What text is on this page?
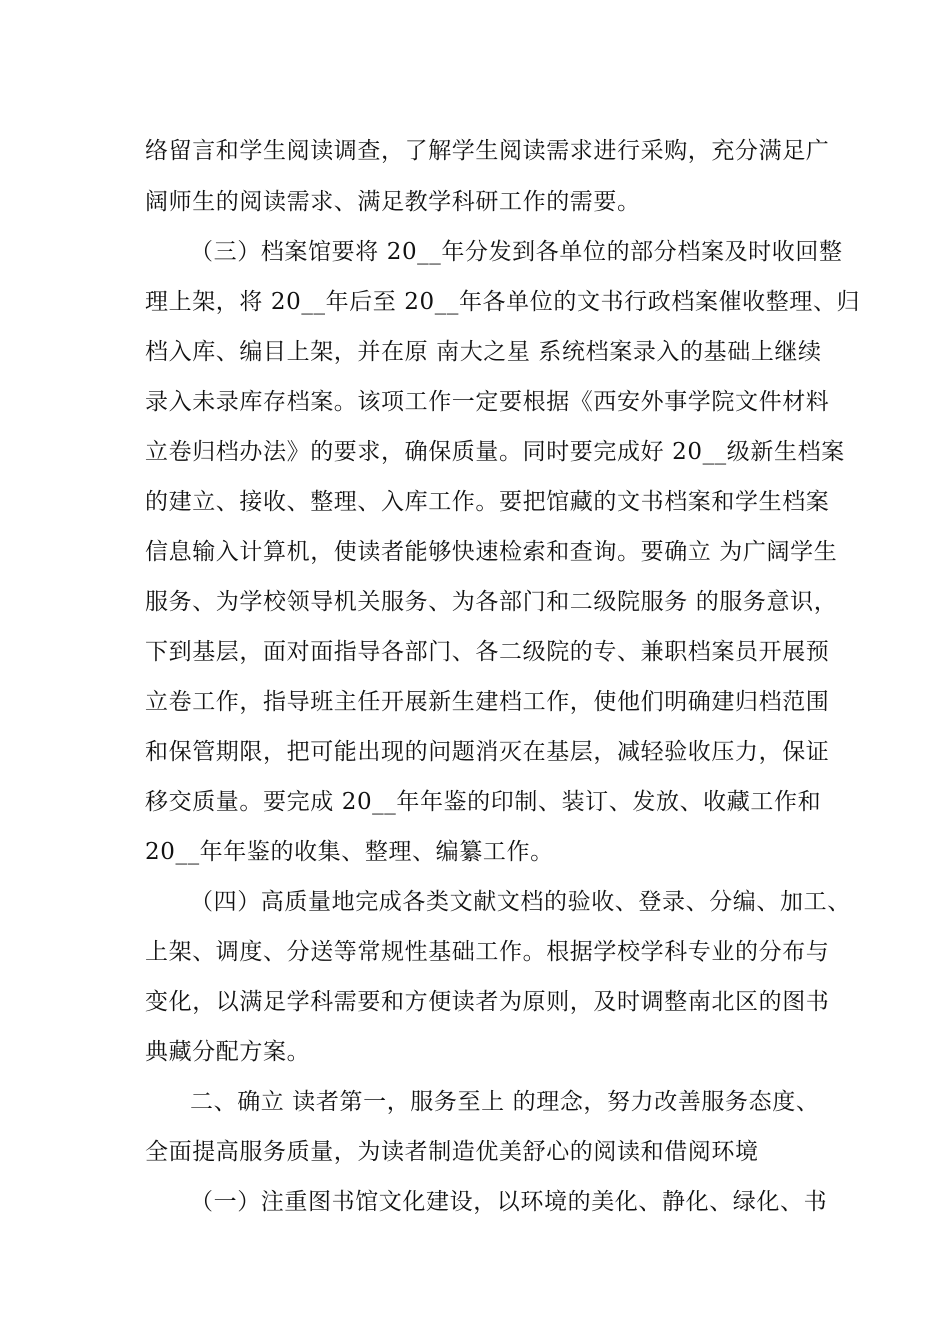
络留言和学生阅读调查，了解学生阅读需求进行采购，充分满足广
阔师生的阅读需求、满足教学科研工作的需要。
（三）档案馆要将 20__年分发到各单位的部分档案及时收回整
理上架，将 20__年后至 20__年各单位的文书行政档案催收整理、归
档入库、编目上架，并在原 南大之星 系统档案录入的基础上继续
录入未录库存档案。该项工作一定要根据《西安外事学院文件材料
立卷归档办法》的要求，确保质量。同时要完成好 20__级新生档案
的建立、接收、整理、入库工作。要把馆藏的文书档案和学生档案
信息输入计算机，使读者能够快速检索和查询。要确立 为广阔学生
服务、为学校领导机关服务、为各部门和二级院服务 的服务意识，
下到基层，面对面指导各部门、各二级院的专、兼职档案员开展预
立卷工作，指导班主任开展新生建档工作，使他们明确建归档范围
和保管期限，把可能出现的问题消灭在基层，减轻验收压力，保证
移交质量。要完成 20__年年鉴的印制、装订、发放、收藏工作和
20__年年鉴的收集、整理、编纂工作。
（四）高质量地完成各类文献文档的验收、登录、分编、加工、
上架、调度、分送等常规性基础工作。根据学校学科专业的分布与
变化，以满足学科需要和方便读者为原则，及时调整南北区的图书
典藏分配方案。
二、确立 读者第一，服务至上 的理念，努力改善服务态度、
全面提高服务质量，为读者制造优美舒心的阅读和借阅环境
（一）注重图书馆文化建设，以环境的美化、静化、绿化、书
